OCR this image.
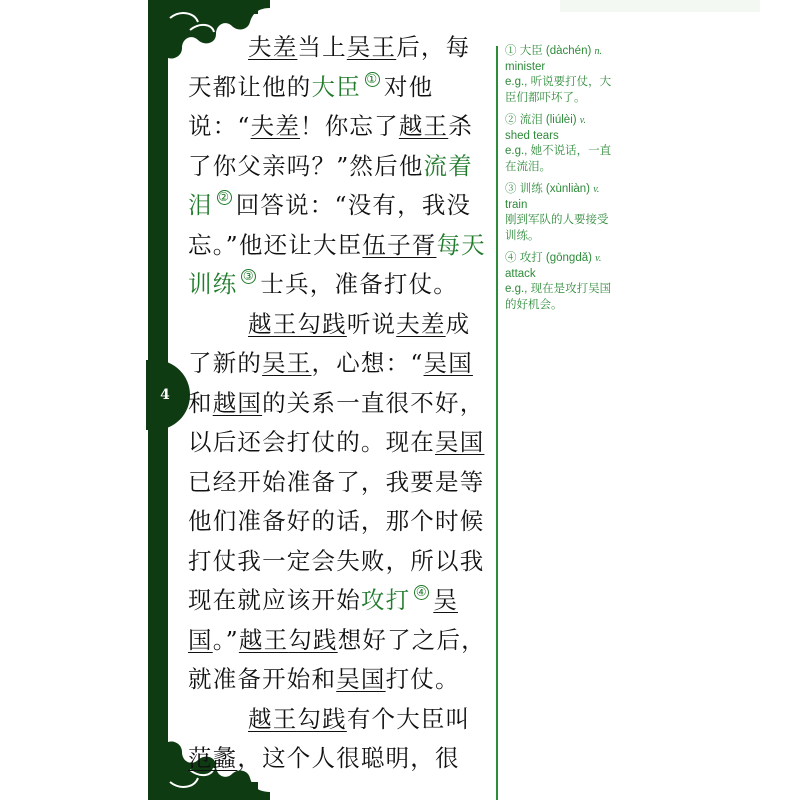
4

夫差当上吴王后，每天都让他的大臣 ① 对他说：“夫差！你忘了越王杀了你父亲吗？”然后他流着泪 ② 回答说：“没有，我没忘。”他还让大臣伍子胥每天训练 ③ 士兵，准备打仗。

越王勾践听说夫差成了新的吴王，心想：“吴国和越国的关系一直很不好，以后还会打仗的。现在吴国已经开始准备了，我要是等他们准备好的话，那个时候打仗我一定会失败，所以我现在就应该开始攻打 ④ 吴国。”越王勾践想好了之后，就准备开始和吴国打仗。

越王勾践有个大臣叫范蠡，这个人很聪明，很

① 大臣 (dàchén) n.
minister
e.g., 听说要打仗，大臣们都吓坏了。
② 流泪 (liúlèi) v.
shed tears
e.g., 她不说话，一直在流泪。
③ 训练 (xùnliàn) v.
train
刚到军队的人要接受训练。
④ 攻打 (gōngdǎ) v.
attack
e.g., 现在是攻打吴国的好机会。
